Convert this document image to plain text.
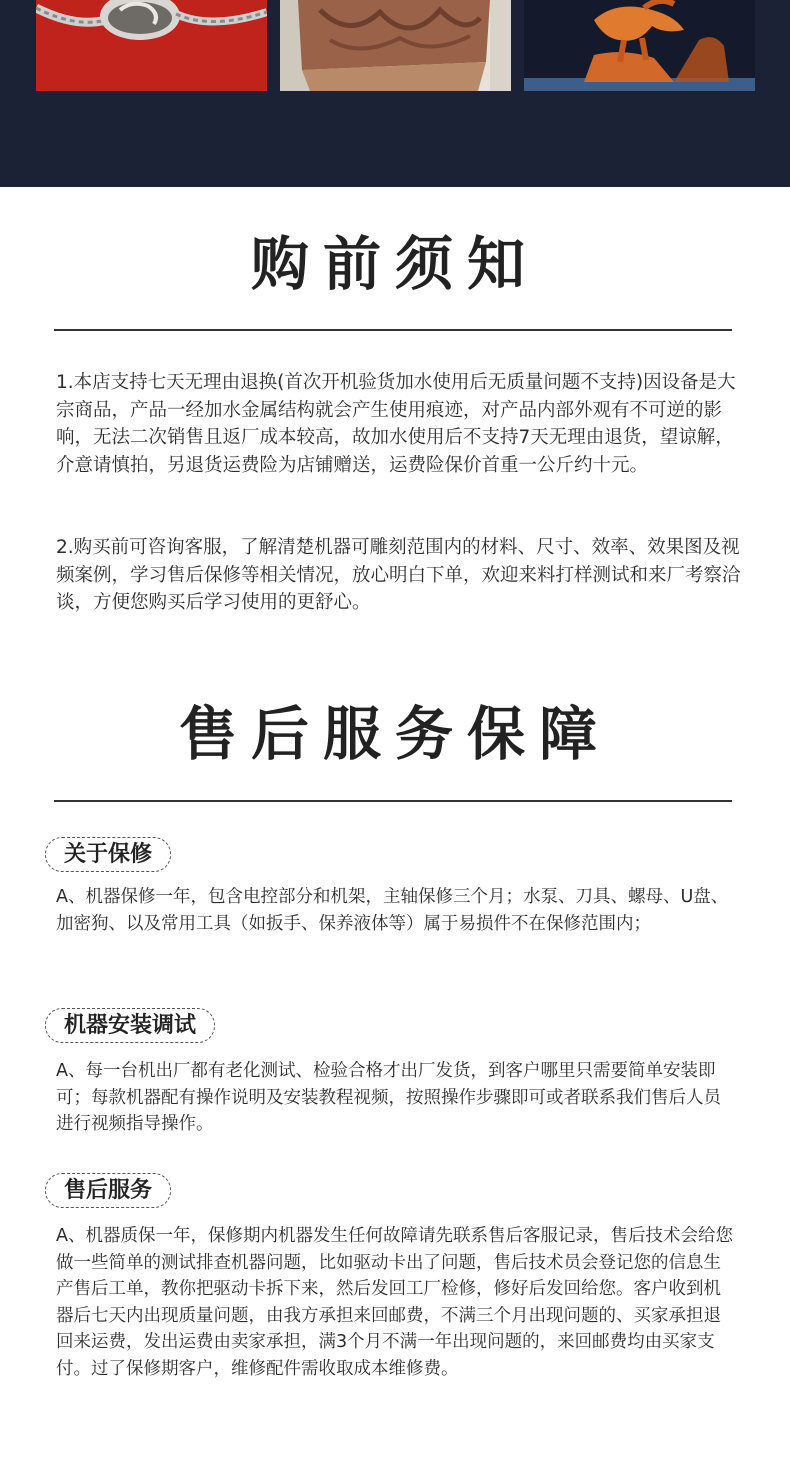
购前须知

1.本店支持七天无理由退换(首次开机验货加水使用后无质量问题不支持)因设备是大宗商品，产品一经加水金属结构就会产生使用痕迹，对产品内部外观有不可逆的影响，无法二次销售且返厂成本较高，故加水使用后不支持7天无理由退货，望谅解，介意请慎拍，另退货运费险为店铺赠送，运费险保价首重一公斤约十元。

2.购买前可咨询客服，了解清楚机器可雕刻范围内的材料、尺寸、效率、效果图及视频案例，学习售后保修等相关情况，放心明白下单，欢迎来料打样测试和来厂考察洽谈，方便您购买后学习使用的更舒心。

售后服务保障
关于保修

A、机器保修一年，包含电控部分和机架，主轴保修三个月；水泵、刀具、螺母、U盘、加密狗、以及常用工具（如扳手、保养液体等）属于易损件不在保修范围内；

机器安装调试

A、每一台机出厂都有老化测试、检验合格才出厂发货，到客户哪里只需要简单安装即可；每款机器配有操作说明及安装教程视频，按照操作步骤即可或者联系我们售后人员进行视频指导操作。

售后服务

A、机器质保一年，保修期内机器发生任何故障请先联系售后客服记录，售后技术会给您做一些简单的测试排查机器问题，比如驱动卡出了问题，售后技术员会登记您的信息生产售后工单，教你把驱动卡拆下来，然后发回工厂检修，修好后发回给您。客户收到机器后七天内出现质量问题，由我方承担来回邮费，不满三个月出现问题的、买家承担退回来运费，发出运费由卖家承担，满3个月不满一年出现问题的，来回邮费均由买家支付。过了保修期客户，维修配件需收取成本维修费。
